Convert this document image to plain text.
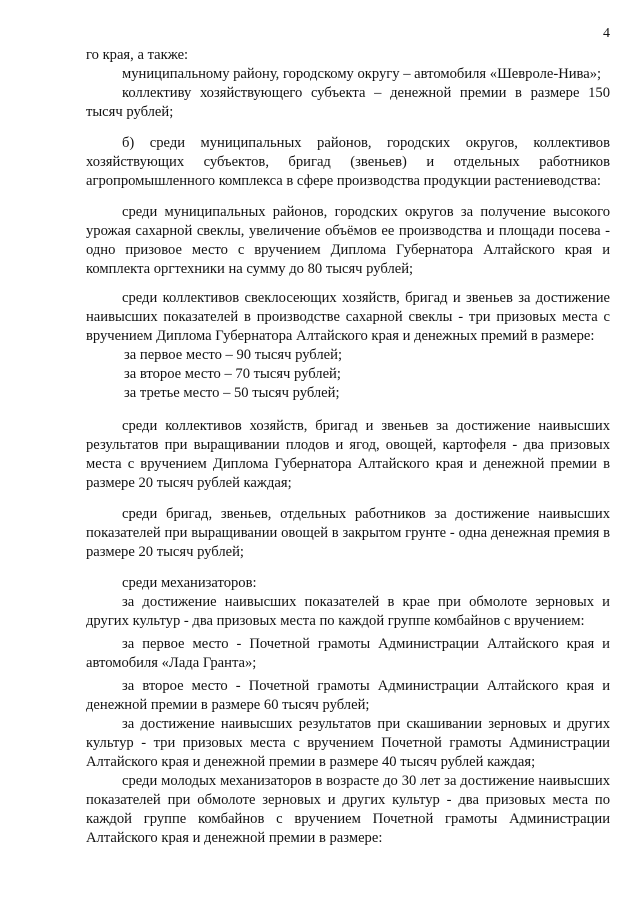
4

го края, а также:

муниципальному району, городскому округу – автомобиля «Шевроле-Нива»;

коллективу хозяйствующего субъекта – денежной премии в размере 150 тысяч рублей;

б) среди муниципальных районов, городских округов, коллективов хозяйствующих субъектов, бригад (звеньев) и отдельных работников агропромышленного комплекса в сфере производства продукции растениеводства:

среди муниципальных районов, городских округов за получение высокого урожая сахарной свеклы, увеличение объёмов ее производства и площади посева - одно призовое место с вручением Диплома Губернатора Алтайского края и комплекта оргтехники на сумму до 80 тысяч рублей;

среди коллективов свеклосеющих хозяйств, бригад и звеньев за достижение наивысших показателей в производстве сахарной свеклы - три призовых места с вручением Диплома Губернатора Алтайского края и денежных премий в размере:

за первое место – 90 тысяч рублей;

за второе место – 70 тысяч рублей;

за третье место – 50 тысяч рублей;

среди коллективов хозяйств, бригад и звеньев за достижение наивысших результатов при выращивании плодов и ягод, овощей, картофеля - два призовых места с вручением Диплома Губернатора Алтайского края и денежной премии в размере 20 тысяч рублей каждая;

среди бригад, звеньев, отдельных работников за достижение наивысших показателей при выращивании овощей в закрытом грунте - одна денежная премия в размере 20 тысяч рублей;

среди механизаторов:

за достижение наивысших показателей в крае при обмолоте зерновых и других культур - два призовых места по каждой группе комбайнов с вручением:

за первое место - Почетной грамоты Администрации Алтайского края и автомобиля «Лада Гранта»;

за второе место - Почетной грамоты Администрации Алтайского края и денежной премии в размере 60 тысяч рублей;

за достижение наивысших результатов при скашивании зерновых и других культур - три призовых места с вручением Почетной грамоты Администрации Алтайского края и денежной премии в размере 40 тысяч рублей каждая;

среди молодых механизаторов в возрасте до 30 лет за достижение наивысших показателей при обмолоте зерновых и других культур - два призовых места по каждой группе комбайнов с вручением Почетной грамоты Администрации Алтайского края и денежной премии в размере:
